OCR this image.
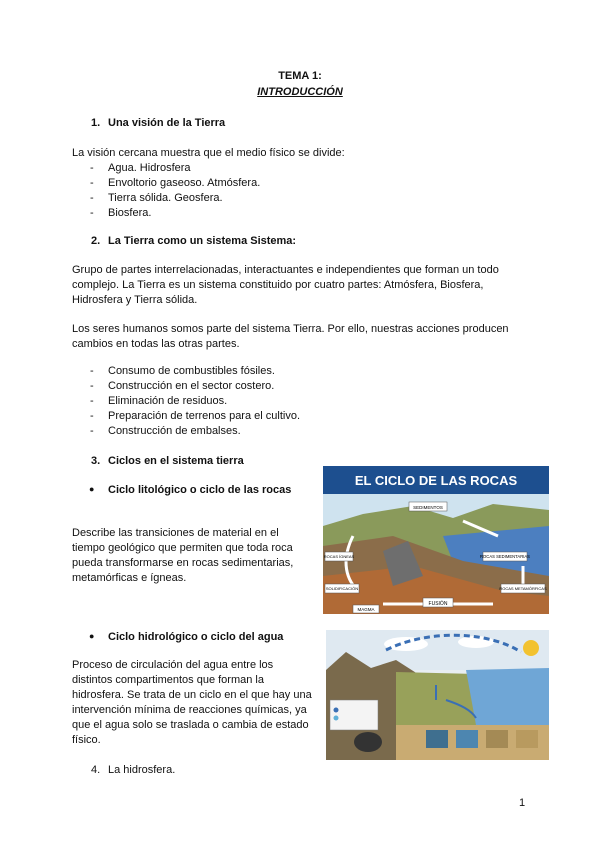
TEMA 1:
INTRODUCCIÓN
1. Una visión de la Tierra
La visión cercana muestra que el medio físico se divide:
- Agua. Hidrosfera
- Envoltorio gaseoso. Atmósfera.
- Tierra sólida. Geosfera.
- Biosfera.
2. La Tierra como un sistema Sistema:
Grupo de partes interrelacionadas, interactuantes e independientes que forman un todo
complejo. La Tierra es un sistema constituido por cuatro partes: Atmósfera, Biosfera,
Hidrosfera y Tierra sólida.
Los seres humanos somos parte del sistema Tierra. Por ello, nuestras acciones producen
cambios en todas las otras partes.
- Consumo de combustibles fósiles.
- Construcción en el sector costero.
- Eliminación de residuos.
- Preparación de terrenos para el cultivo.
- Construcción de embalses.
3. Ciclos en el sistema tierra
● Ciclo litológico o ciclo de las rocas
Describe las transiciones de material en el
tiempo geológico que permiten que toda roca
pueda transformarse en rocas sedimentarias,
metamórficas e ígneas.
EL CICLO DE LAS ROCAS
SEDIMENTOS
ROCAS SEDIMENTARIAS
ROCAS METAMÓRFICAS
FUSIÓN
MAGMA
SOLIDIFICACIÓN
ROCAS ÍGNEAS
● Ciclo hidrológico o ciclo del agua
Proceso de circulación del agua entre los
distintos compartimentos que forman la
hidrosfera. Se trata de un ciclo en el que hay una
intervención mínima de reacciones químicas, ya
que el agua solo se traslada o cambia de estado
físico.
4. La hidrosfera.
1
